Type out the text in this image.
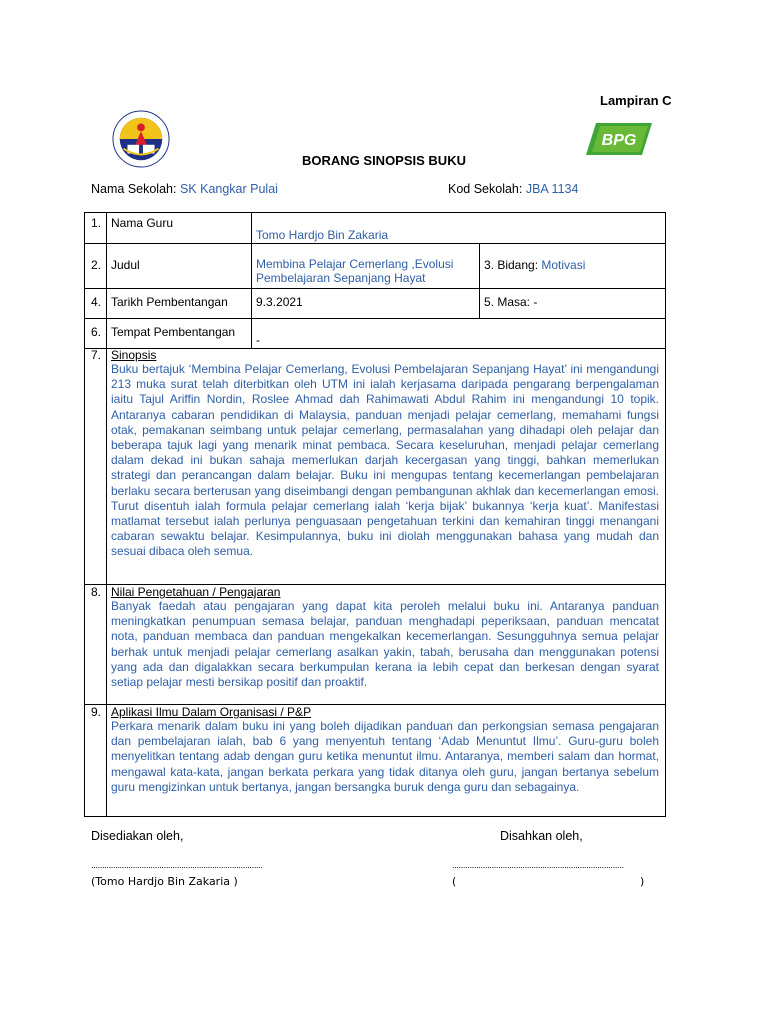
Lampiran C
BPG
BORANG SINOPSIS BUKU
Nama Sekolah: SK Kangkar Pulai	Kod Sekolah: JBA 1134
1.	Nama Guru	Tomo Hardjo Bin Zakaria	
2.	Judul	Membina Pelajar Cemerlang ,Evolusi Pembelajaran Sepanjang Hayat	3. Bidang: Motivasi
4.	Tarikh Pembentangan	9.3.2021	5. Masa: -
6.	Tempat Pembentangan	-	
7.	Sinopsis
Buku bertajuk ‘Membina Pelajar Cemerlang, Evolusi Pembelajaran Sepanjang Hayat’ ini mengandungi 213 muka surat telah diterbitkan oleh UTM ini ialah kerjasama daripada pengarang berpengalaman iaitu Tajul Ariffin Nordin, Roslee Ahmad dah Rahimawati Abdul Rahim ini mengandungi 10 topik. Antaranya cabaran pendidikan di Malaysia, panduan menjadi pelajar cemerlang, memahami fungsi otak, pemakanan seimbang untuk pelajar cemerlang, permasalahan yang dihadapi oleh pelajar dan beberapa tajuk lagi yang menarik minat pembaca. Secara keseluruhan, menjadi pelajar cemerlang dalam dekad ini bukan sahaja memerlukan darjah kecergasan yang tinggi, bahkan memerlukan strategi dan perancangan dalam belajar. Buku ini mengupas tentang kecemerlangan pembelajaran berlaku secara berterusan yang diseimbangi dengan pembangunan akhlak dan kecemerlangan emosi. Turut disentuh ialah formula pelajar cemerlang ialah ‘kerja bijak’ bukannya ‘kerja kuat’. Manifestasi matlamat tersebut ialah perlunya penguasaan pengetahuan terkini dan kemahiran tinggi menangani cabaran sewaktu belajar. Kesimpulannya, buku ini diolah menggunakan bahasa yang mudah dan sesuai dibaca oleh semua.		

8.	Nilai Pengetahuan / Pengajaran
Banyak faedah atau pengajaran yang dapat kita peroleh melalui buku ini. Antaranya panduan meningkatkan penumpuan semasa belajar, panduan menghadapi peperiksaan, panduan mencatat nota, panduan membaca dan panduan mengekalkan kecemerlangan. Sesungguhnya semua pelajar berhak untuk menjadi pelajar cemerlang asalkan yakin, tabah, berusaha dan menggunakan potensi yang ada dan digalakkan secara berkumpulan kerana ia lebih cepat dan berkesan dengan syarat setiap pelajar mesti bersikap positif dan proaktif.		

9.	Aplikasi Ilmu Dalam Organisasi / P&P
Perkara menarik dalam buku ini yang boleh dijadikan panduan dan perkongsian semasa pengajaran dan pembelajaran ialah, bab 6 yang menyentuh tentang ‘Adab Menuntut Ilmu’. Guru-guru boleh menyelitkan tentang adab dengan guru ketika menuntut ilmu. Antaranya, memberi salam dan hormat, mengawal kata-kata, jangan berkata perkara yang tidak ditanya oleh guru, jangan bertanya sebelum guru mengizinkan untuk bertanya, jangan bersangka buruk denga guru dan sebagainya.		
Disediakan oleh,	Disahkan oleh,
..............................................................................	..............................................................................
(Tomo Hardjo Bin Zakaria )	(	)
